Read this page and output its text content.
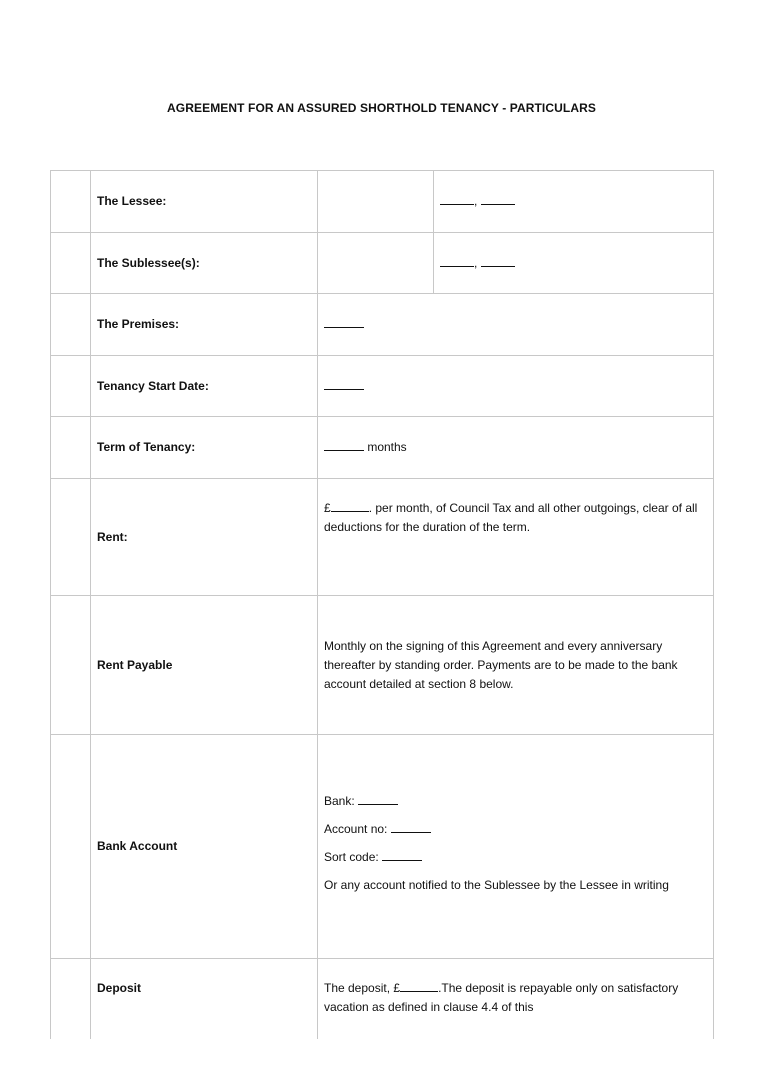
AGREEMENT FOR AN ASSURED SHORTHOLD TENANCY - PARTICULARS
	The Lessee:		,
	The Sublessee(s):		,
	The Premises:		
	Tenancy Start Date:		
	Term of Tenancy:	months	
	Rent:	£ . per month, of Council Tax and all other outgoings, clear of all deductions for the duration of the term.	
	Rent Payable	Monthly on the signing of this Agreement and every anniversary thereafter by standing order. Payments are to be made to the bank account detailed at section 8 below.	
	Bank Account	Bank:

Account no:

Sort code:

Or any account notified to the Sublessee by the Lessee in writing	

	Deposit	The deposit, £ .The deposit is repayable only on satisfactory vacation as defined in clause 4.4 of this	
